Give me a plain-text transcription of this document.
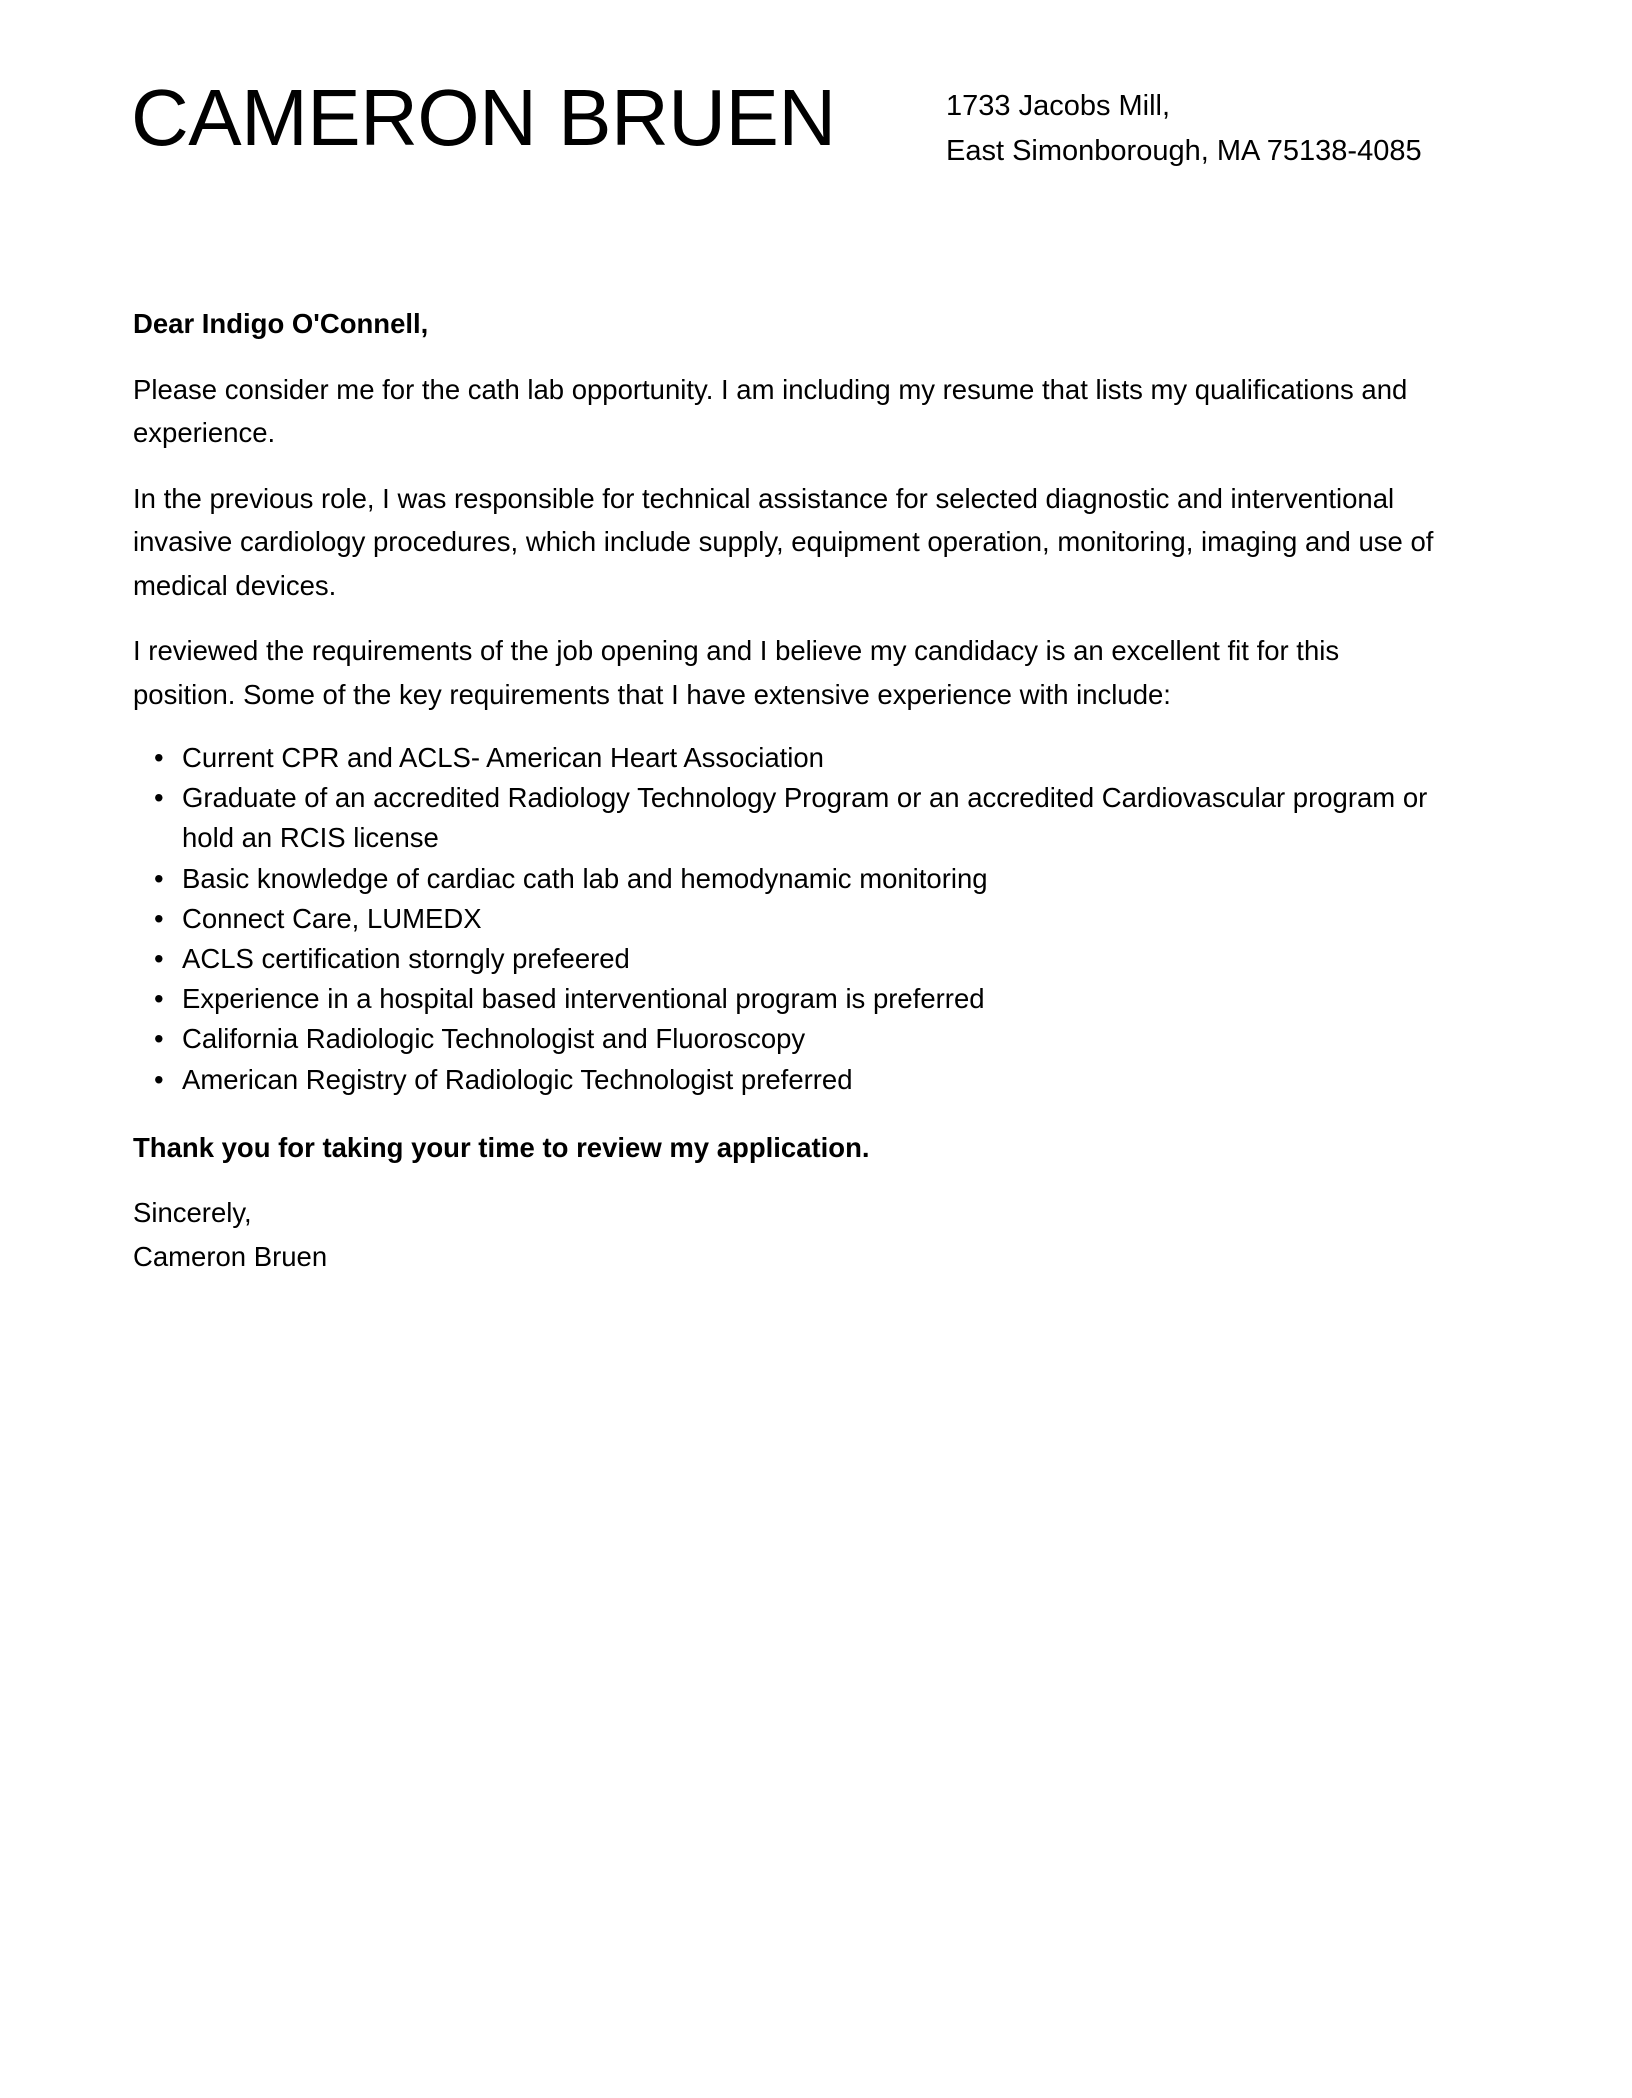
CAMERON BRUEN	1733 Jacobs Mill,
East Simonborough, MA 75138-4085

Dear Indigo O'Connell,

Please consider me for the cath lab opportunity. I am including my resume that lists my qualifications and experience.

In the previous role, I was responsible for technical assistance for selected diagnostic and interventional invasive cardiology procedures, which include supply, equipment operation, monitoring, imaging and use of medical devices.

I reviewed the requirements of the job opening and I believe my candidacy is an excellent fit for this position. Some of the key requirements that I have extensive experience with include:

• Current CPR and ACLS- American Heart Association
• Graduate of an accredited Radiology Technology Program or an accredited Cardiovascular program or hold an RCIS license
• Basic knowledge of cardiac cath lab and hemodynamic monitoring
• Connect Care, LUMEDX
• ACLS certification storngly prefeered
• Experience in a hospital based interventional program is preferred
• California Radiologic Technologist and Fluoroscopy
• American Registry of Radiologic Technologist preferred

Thank you for taking your time to review my application.

Sincerely,
Cameron Bruen
